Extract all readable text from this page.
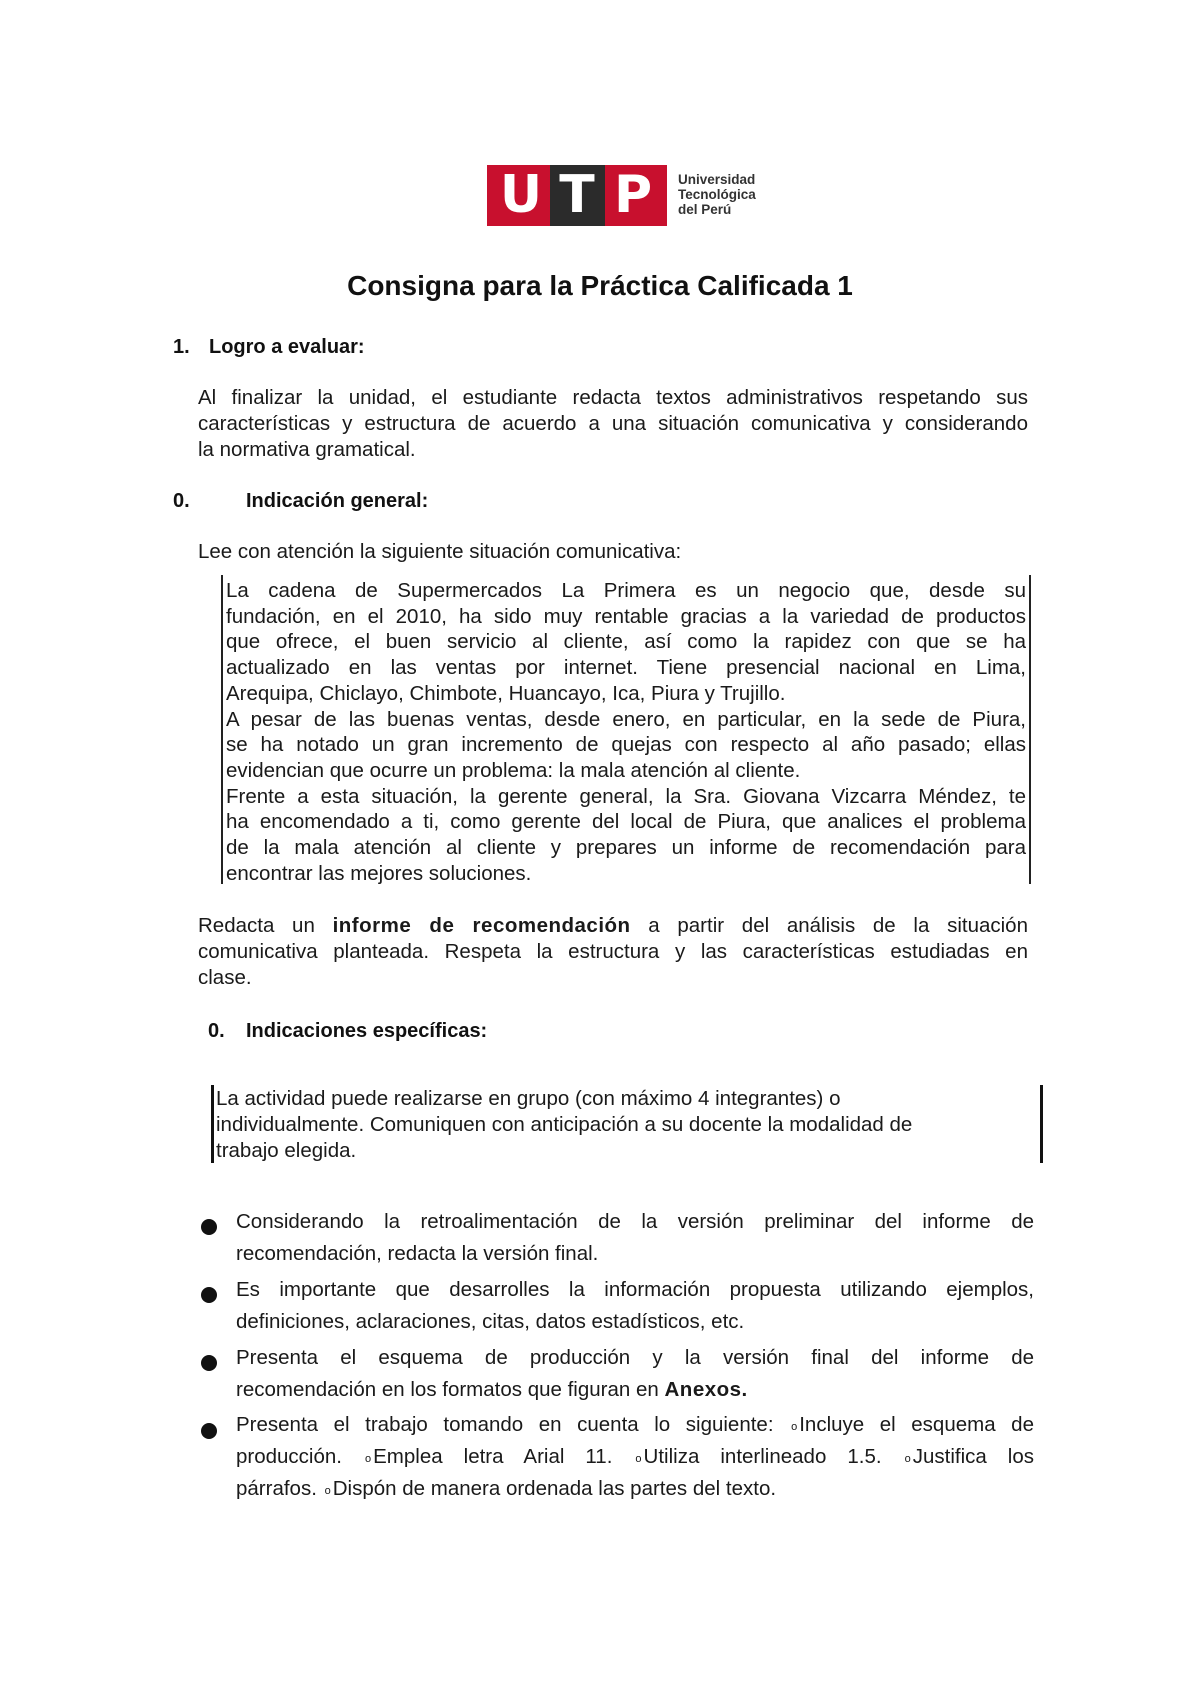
U T P	Universidad
Tecnológica
del Perú
Consigna para la Práctica Calificada 1
1. Logro a evaluar:
Al finalizar la unidad, el estudiante redacta textos administrativos respetando sus
características y estructura de acuerdo a una situación comunicativa y considerando
la normativa gramatical.
0.	Indicación general:
Lee con atención la siguiente situación comunicativa:
La cadena de Supermercados La Primera es un negocio que, desde su
fundación, en el 2010, ha sido muy rentable gracias a la variedad de productos
que ofrece, el buen servicio al cliente, así como la rapidez con que se ha
actualizado en las ventas por internet. Tiene presencial nacional en Lima,
Arequipa, Chiclayo, Chimbote, Huancayo, Ica, Piura y Trujillo.
A pesar de las buenas ventas, desde enero, en particular, en la sede de Piura,
se ha notado un gran incremento de quejas con respecto al año pasado; ellas
evidencian que ocurre un problema: la mala atención al cliente.
Frente a esta situación, la gerente general, la Sra. Giovana Vizcarra Méndez, te
ha encomendado a ti, como gerente del local de Piura, que analices el problema
de la mala atención al cliente y prepares un informe de recomendación para
encontrar las mejores soluciones.
Redacta un informe de recomendación a partir del análisis de la situación
comunicativa planteada. Respeta la estructura y las características estudiadas en
clase.
0. Indicaciones específicas:
La actividad puede realizarse en grupo (con máximo 4 integrantes) o
individualmente. Comuniquen con anticipación a su docente la modalidad de
trabajo elegida.
Considerando la retroalimentación de la versión preliminar del informe de
recomendación, redacta la versión final.
Es importante que desarrolles la información propuesta utilizando ejemplos,
definiciones, aclaraciones, citas, datos estadísticos, etc.
Presenta el esquema de producción y la versión final del informe de
recomendación en los formatos que figuran en Anexos.
Presenta el trabajo tomando en cuenta lo siguiente: oIncluye el esquema de
producción. oEmplea letra Arial 11. oUtiliza interlineado 1.5. oJustifica los
párrafos. oDispón de manera ordenada las partes del texto.
